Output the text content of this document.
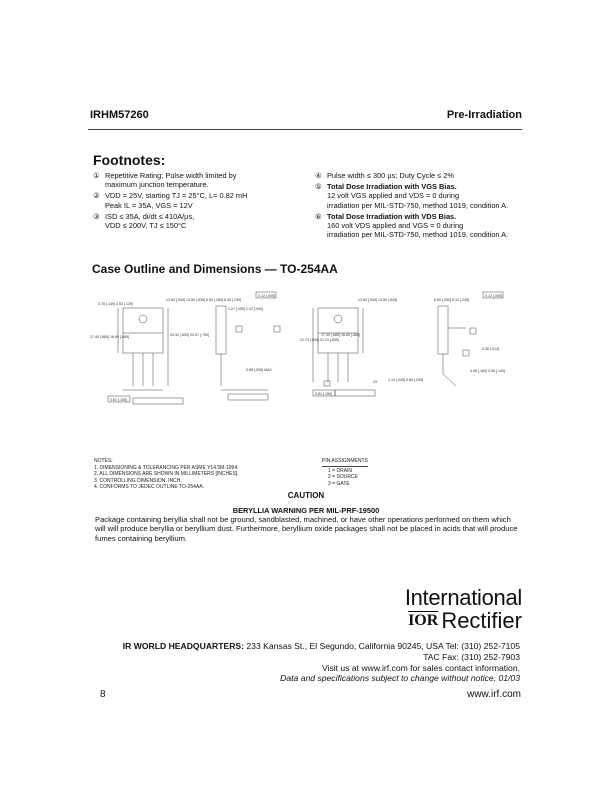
IRHM57260	Pre-Irradiation
Footnotes:
① Repetitive Rating; Pulse width limited by
maximum junction temperature.
② VDD = 25V, starting TJ = 25°C, L= 0.82 mH
Peak IL = 35A, VGS = 12V
③ ISD ≤ 35A, di/dt ≤ 410A/µs,
VDD ≤ 200V, TJ ≤ 150°C
④ Pulse width ≤ 300 µs; Duty Cycle ≤ 2%
⑤ Total Dose Irradiation with VGS Bias.
12 volt VGS applied and VDS = 0 during
irradiation per MIL-STD-750, method 1019, condition A.
⑥ Total Dose Irradiation with VDS Bias.
160 volt VDS applied and VGS = 0 during
irradiation per MIL-STD-750, method 1019, condition A.
Case Outline and Dimensions — TO-254AA
3.78 [.149] 3.53 [.139]
13.84 [.545] 13.59 [.535] 6.60 [.260] 6.32 [.249]
1.27 [.050] 1.02 [.040]
20.32 [.800] 20.07 [.790]
17.40 [.685] 16.89 [.665]
13.84 [.545] 13.59 [.535]
17.40 [.685] 16.89 [.665]
1.14 [.045] 0.89 [.035]
0.88 [.035] MAX
3.81 [.150]
0.12 [.005]
22.73 [.895] 21.21 [.835]
6.60 [.260] 6.32 [.249]
0.12 [.005]
4.06 [.160] 3.56 [.140]
0.36 [.014]
2X
3.81 [.150]
NOTES:
1. DIMENSIONING & TOLERANCING PER ASME Y14.5M-1994.
2. ALL DIMENSIONS ARE SHOWN IN MILLIMETERS [INCHES].
3. CONTROLLING DIMENSION: INCH.
4. CONFORMS TO JEDEC OUTLINE TO-254AA.
PIN ASSIGNMENTS
1 = DRAIN
2 = SOURCE
3 = GATE
CAUTION
BERYLLIA WARNING PER MIL-PRF-19500
Package containing beryllia shall not be ground, sandblasted, machined, or have other operations performed on them which will will produce beryllia or beryllium dust. Furthermore, beryllium oxide packages shall not be placed in acids that will produce fumes containing beryllium.
International
$\overline{IOR}$ Rectifier
IR WORLD HEADQUARTERS: 233 Kansas St., El Segundo, California 90245, USA Tel: (310) 252-7105
TAC Fax: (310) 252-7903
Visit us at www.irf.com for sales contact information.
Data and specifications subject to change without notice. 01/03
8	www.irf.com
